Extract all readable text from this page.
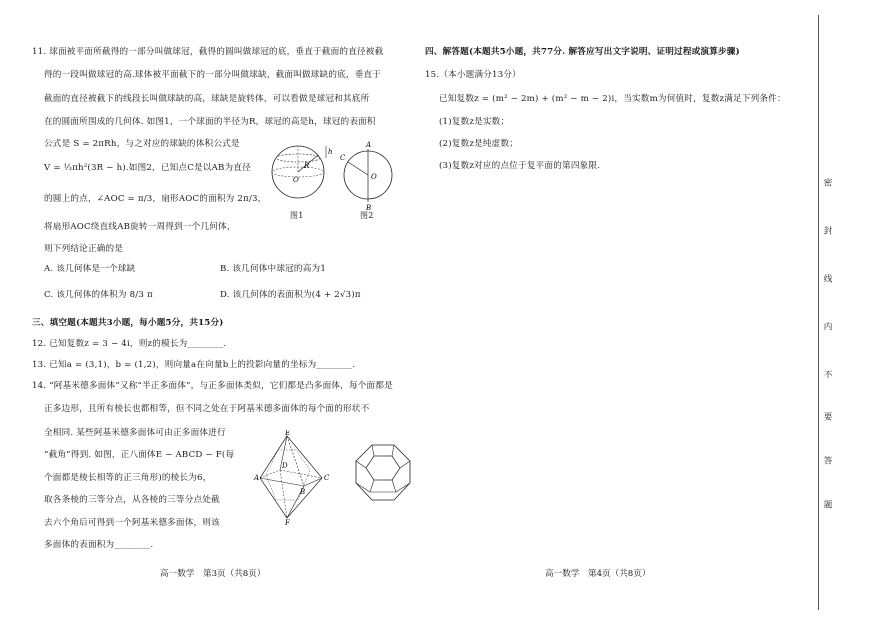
11. 球面被平面所截得的一部分叫做球冠，截得的圆叫做球冠的底，垂直于截面的直径被截
得的一段叫做球冠的高.球体被平面截下的一部分叫做球缺，截面叫做球缺的底，垂直于
截面的直径被截下的线段长叫做球缺的高，球缺是旋转体，可以看做是球冠和其底所
在的圆面所围成的几何体. 如图1，一个球面的半径为R，球冠的高是h，球冠的表面积
公式是 S = 2πRh，与之对应的球缺的体积公式是
V = ⅓πh²(3R − h).如图2，已知点C是以AB为直径
的圆上的点，∠AOC = π/3，扇形AOC的面积为 2π/3，
将扇形AOC绕直线AB旋转一周得到一个几何体，
则下列结论正确的是
h
R
O
图1
A
C
O
B
图2
A. 该几何体是一个球缺	B. 该几何体中球冠的高为1
C. 该几何体的体积为 8/3 π	D. 该几何体的表面积为(4 + 2√3)π
三、填空题(本题共3小题，每小题5分，共15分)
12. 已知复数z = 3 − 4i，则z的模长为________.
13. 已知a = (3,1)，b = (1,2)，则向量a在向量b上的投影向量的坐标为________.
14. “阿基米德多面体”又称“半正多面体”，与正多面体类似，它们都是凸多面体，每个面都是
正多边形，且所有棱长也都相等，但不同之处在于阿基米德多面体的每个面的形状不
全相同. 某些阿基米德多面体可由正多面体进行
“截角”得到. 如图，正八面体E − ABCD − F(每
个面都是棱长相等的正三角形)的棱长为6，
取各条棱的三等分点，从各棱的三等分点处截
去六个角后可得到一个阿基米德多面体，则该
多面体的表面积为________.
E
A
B
C
D
F
高一数学　第3页（共8页）
四、解答题(本题共5小题，共77分. 解答应写出文字说明、证明过程或演算步骤)
15.（本小题满分13分）
已知复数z = (m² − 2m) + (m² − m − 2)i，当实数m为何值时，复数z满足下列条件：
(1)复数z是实数；
(2)复数z是纯虚数；
(3)复数z对应的点位于复平面的第四象限.
高一数学　第4页（共8页）
密
封
线
内
不
要
答
题
